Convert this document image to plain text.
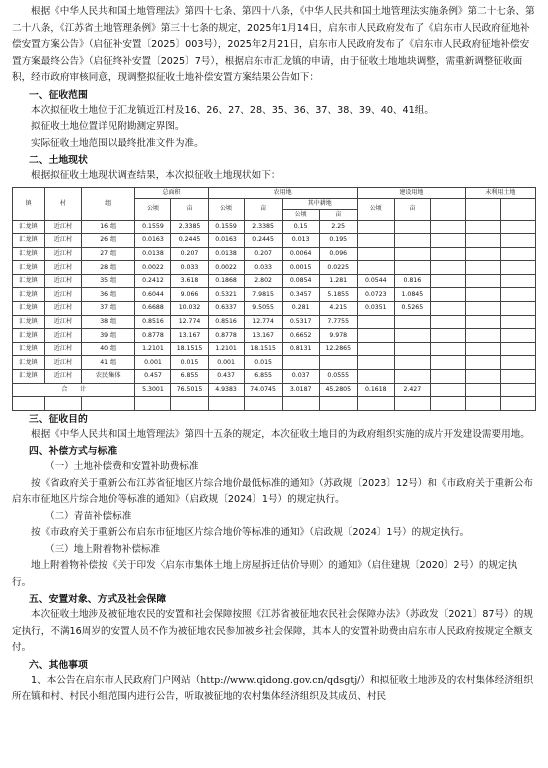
根据《中华人民共和国土地管理法》第四十七条、第四十八条，《中华人民共和国土地管理法实施条例》第二十七条、第二十八条，《江苏省土地管理条例》第三十七条的规定，2025年1月14日，启东市人民政府发布了《启东市人民政府征地补偿安置方案公告》（启征补安置〔2025〕003号），2025年2月21日，启东市人民政府发布了《启东市人民政府征地补偿安置方案最终公告》（启征终补安置〔2025〕7号），根据启东市汇龙镇的申请，由于征收土地地块调整，需重新调整征收面积，经市政府审核同意，现调整拟征收土地补偿安置方案结果公告如下：

一、征收范围

本次拟征收土地位于汇龙镇近江村及16、26、27、28、35、36、37、38、39、40、41组。

拟征收土地位置详见附勘测定界图。

实际征收土地范围以最终批准文件为准。

二、土地现状

根据拟征收土地现状调查结果，本次拟征收土地现状如下：

镇	村	组	总面积		农用地				建设用地			未利用土地	
			公顷	亩	公顷	亩	其中耕地		公顷	亩			
							公顷	亩					
汇龙镇	近江村	16 组	0.1559	2.3385	0.1559	2.3385	0.15	2.25					
汇龙镇	近江村	26 组	0.0163	0.2445	0.0163	0.2445	0.013	0.195					
汇龙镇	近江村	27 组	0.0138	0.207	0.0138	0.207	0.0064	0.096					
汇龙镇	近江村	28 组	0.0022	0.033	0.0022	0.033	0.0015	0.0225					
汇龙镇	近江村	35 组	0.2412	3.618	0.1868	2.802	0.0854	1.281	0.0544	0.816			
汇龙镇	近江村	36 组	0.6044	9.066	0.5321	7.9815	0.3457	5.1855	0.0723	1.0845			
汇龙镇	近江村	37 组	0.6688	10.032	0.6337	9.5055	0.281	4.215	0.0351	0.5265			
汇龙镇	近江村	38 组	0.8516	12.774	0.8516	12.774	0.5317	7.7755					
汇龙镇	近江村	39 组	0.8778	13.167	0.8778	13.167	0.6652	9.978					
汇龙镇	近江村	40 组	1.2101	18.1515	1.2101	18.1515	0.8131	12.2865					
汇龙镇	近江村	41 组	0.001	0.015	0.001	0.015							
汇龙镇	近江村	农民集体	0.457	6.855	0.437	6.855	0.037	0.0555					
合　　计			5.3001	76.5015	4.9383	74.0745	3.0187	45.2805	0.1618	2.427			

三、征收目的

根据《中华人民共和国土地管理法》第四十五条的规定，本次征收土地目的为政府组织实施的成片开发建设需要用地。

四、补偿方式与标准

（一）土地补偿费和安置补助费标准

按《省政府关于重新公布江苏省征地区片综合地价最低标准的通知》（苏政规〔2023〕12号）和《市政府关于重新公布启东市征地区片综合地价等标准的通知》（启政规〔2024〕1号）的规定执行。

（二）青苗补偿标准

按《市政府关于重新公布启东市征地区片综合地价等标准的通知》（启政规〔2024〕1号）的规定执行。

（三）地上附着物补偿标准

地上附着物补偿按《关于印发〈启东市集体土地上房屋拆迁估价导则〉的通知》（启住建规〔2020〕2号）的规定执行。

五、安置对象、方式及社会保障

本次征收土地涉及被征地农民的安置和社会保障按照《江苏省被征地农民社会保障办法》（苏政发〔2021〕87号）的规定执行，不满16周岁的安置人员不作为被征地农民参加被乡社会保障，其本人的安置补助费由启东市人民政府按规定全额支付。

六、其他事项

1、本公告在启东市人民政府门户网站（http://www.qidong.gov.cn/qdsgtj/）和拟征收土地涉及的农村集体经济组织所在镇和村、村民小组范围内进行公告，听取被征地的农村集体经济组织及其成员、村民
